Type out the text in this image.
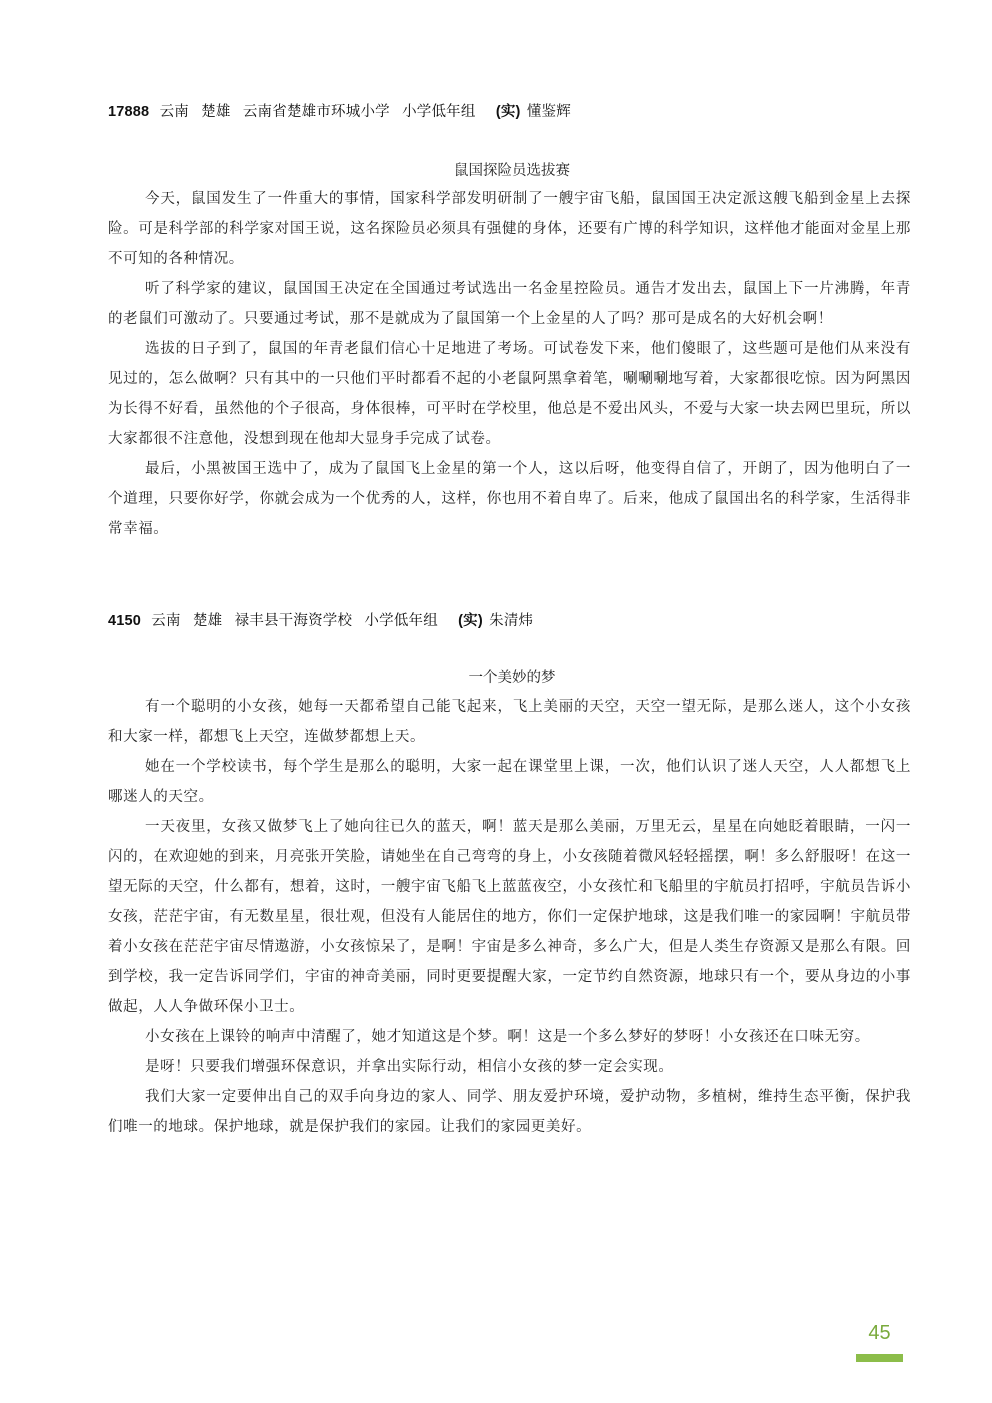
17888 云南 楚雄 云南省楚雄市环城小学 小学低年组 (实) 懂鉴辉
鼠国探险员选拔赛

今天，鼠国发生了一件重大的事情，国家科学部发明研制了一艘宇宙飞船，鼠国国王决定派这艘飞船到金星上去探险。可是科学部的科学家对国王说，这名探险员必须具有强健的身体，还要有广博的科学知识，这样他才能面对金星上那不可知的各种情况。

听了科学家的建议，鼠国国王决定在全国通过考试选出一名金星控险员。通告才发出去，鼠国上下一片沸腾，年青的老鼠们可激动了。只要通过考试，那不是就成为了鼠国第一个上金星的人了吗？那可是成名的大好机会啊！

选拔的日子到了，鼠国的年青老鼠们信心十足地进了考场。可试卷发下来，他们傻眼了，这些题可是他们从来没有见过的，怎么做啊？只有其中的一只他们平时都看不起的小老鼠阿黑拿着笔，唰唰唰地写着，大家都很吃惊。因为阿黑因为长得不好看，虽然他的个子很高，身体很棒，可平时在学校里，他总是不爱出风头，不爱与大家一块去网巴里玩，所以大家都很不注意他，没想到现在他却大显身手完成了试卷。

最后，小黑被国王选中了，成为了鼠国飞上金星的第一个人，这以后呀，他变得自信了，开朗了，因为他明白了一个道理，只要你好学，你就会成为一个优秀的人，这样，你也用不着自卑了。后来，他成了鼠国出名的科学家，生活得非常幸福。

4150 云南 楚雄 禄丰县干海资学校 小学低年组 (实) 朱清炜
一个美妙的梦

有一个聪明的小女孩，她每一天都希望自己能飞起来，飞上美丽的天空，天空一望无际，是那么迷人，这个小女孩和大家一样，都想飞上天空，连做梦都想上天。

她在一个学校读书，每个学生是那么的聪明，大家一起在课堂里上课，一次，他们认识了迷人天空，人人都想飞上哪迷人的天空。

一天夜里，女孩又做梦飞上了她向往已久的蓝天，啊！蓝天是那么美丽，万里无云，星星在向她眨着眼睛，一闪一闪的，在欢迎她的到来，月亮张开笑脸，请她坐在自己弯弯的身上，小女孩随着微风轻轻摇摆，啊！多么舒服呀！在这一望无际的天空，什么都有，想着，这时，一艘宇宙飞船飞上蓝蓝夜空，小女孩忙和飞船里的宇航员打招呼，宇航员告诉小女孩，茫茫宇宙，有无数星星，很壮观，但没有人能居住的地方，你们一定保护地球，这是我们唯一的家园啊！宇航员带着小女孩在茫茫宇宙尽情遨游，小女孩惊呆了，是啊！宇宙是多么神奇，多么广大，但是人类生存资源又是那么有限。回到学校，我一定告诉同学们，宇宙的神奇美丽，同时更要提醒大家，一定节约自然资源，地球只有一个，要从身边的小事做起，人人争做环保小卫士。

小女孩在上课铃的响声中清醒了，她才知道这是个梦。啊！这是一个多么梦好的梦呀！小女孩还在口味无穷。

是呀！只要我们增强环保意识，并拿出实际行动，相信小女孩的梦一定会实现。

我们大家一定要伸出自己的双手向身边的家人、同学、朋友爱护环境，爱护动物，多植树，维持生态平衡，保护我们唯一的地球。保护地球，就是保护我们的家园。让我们的家园更美好。

45
